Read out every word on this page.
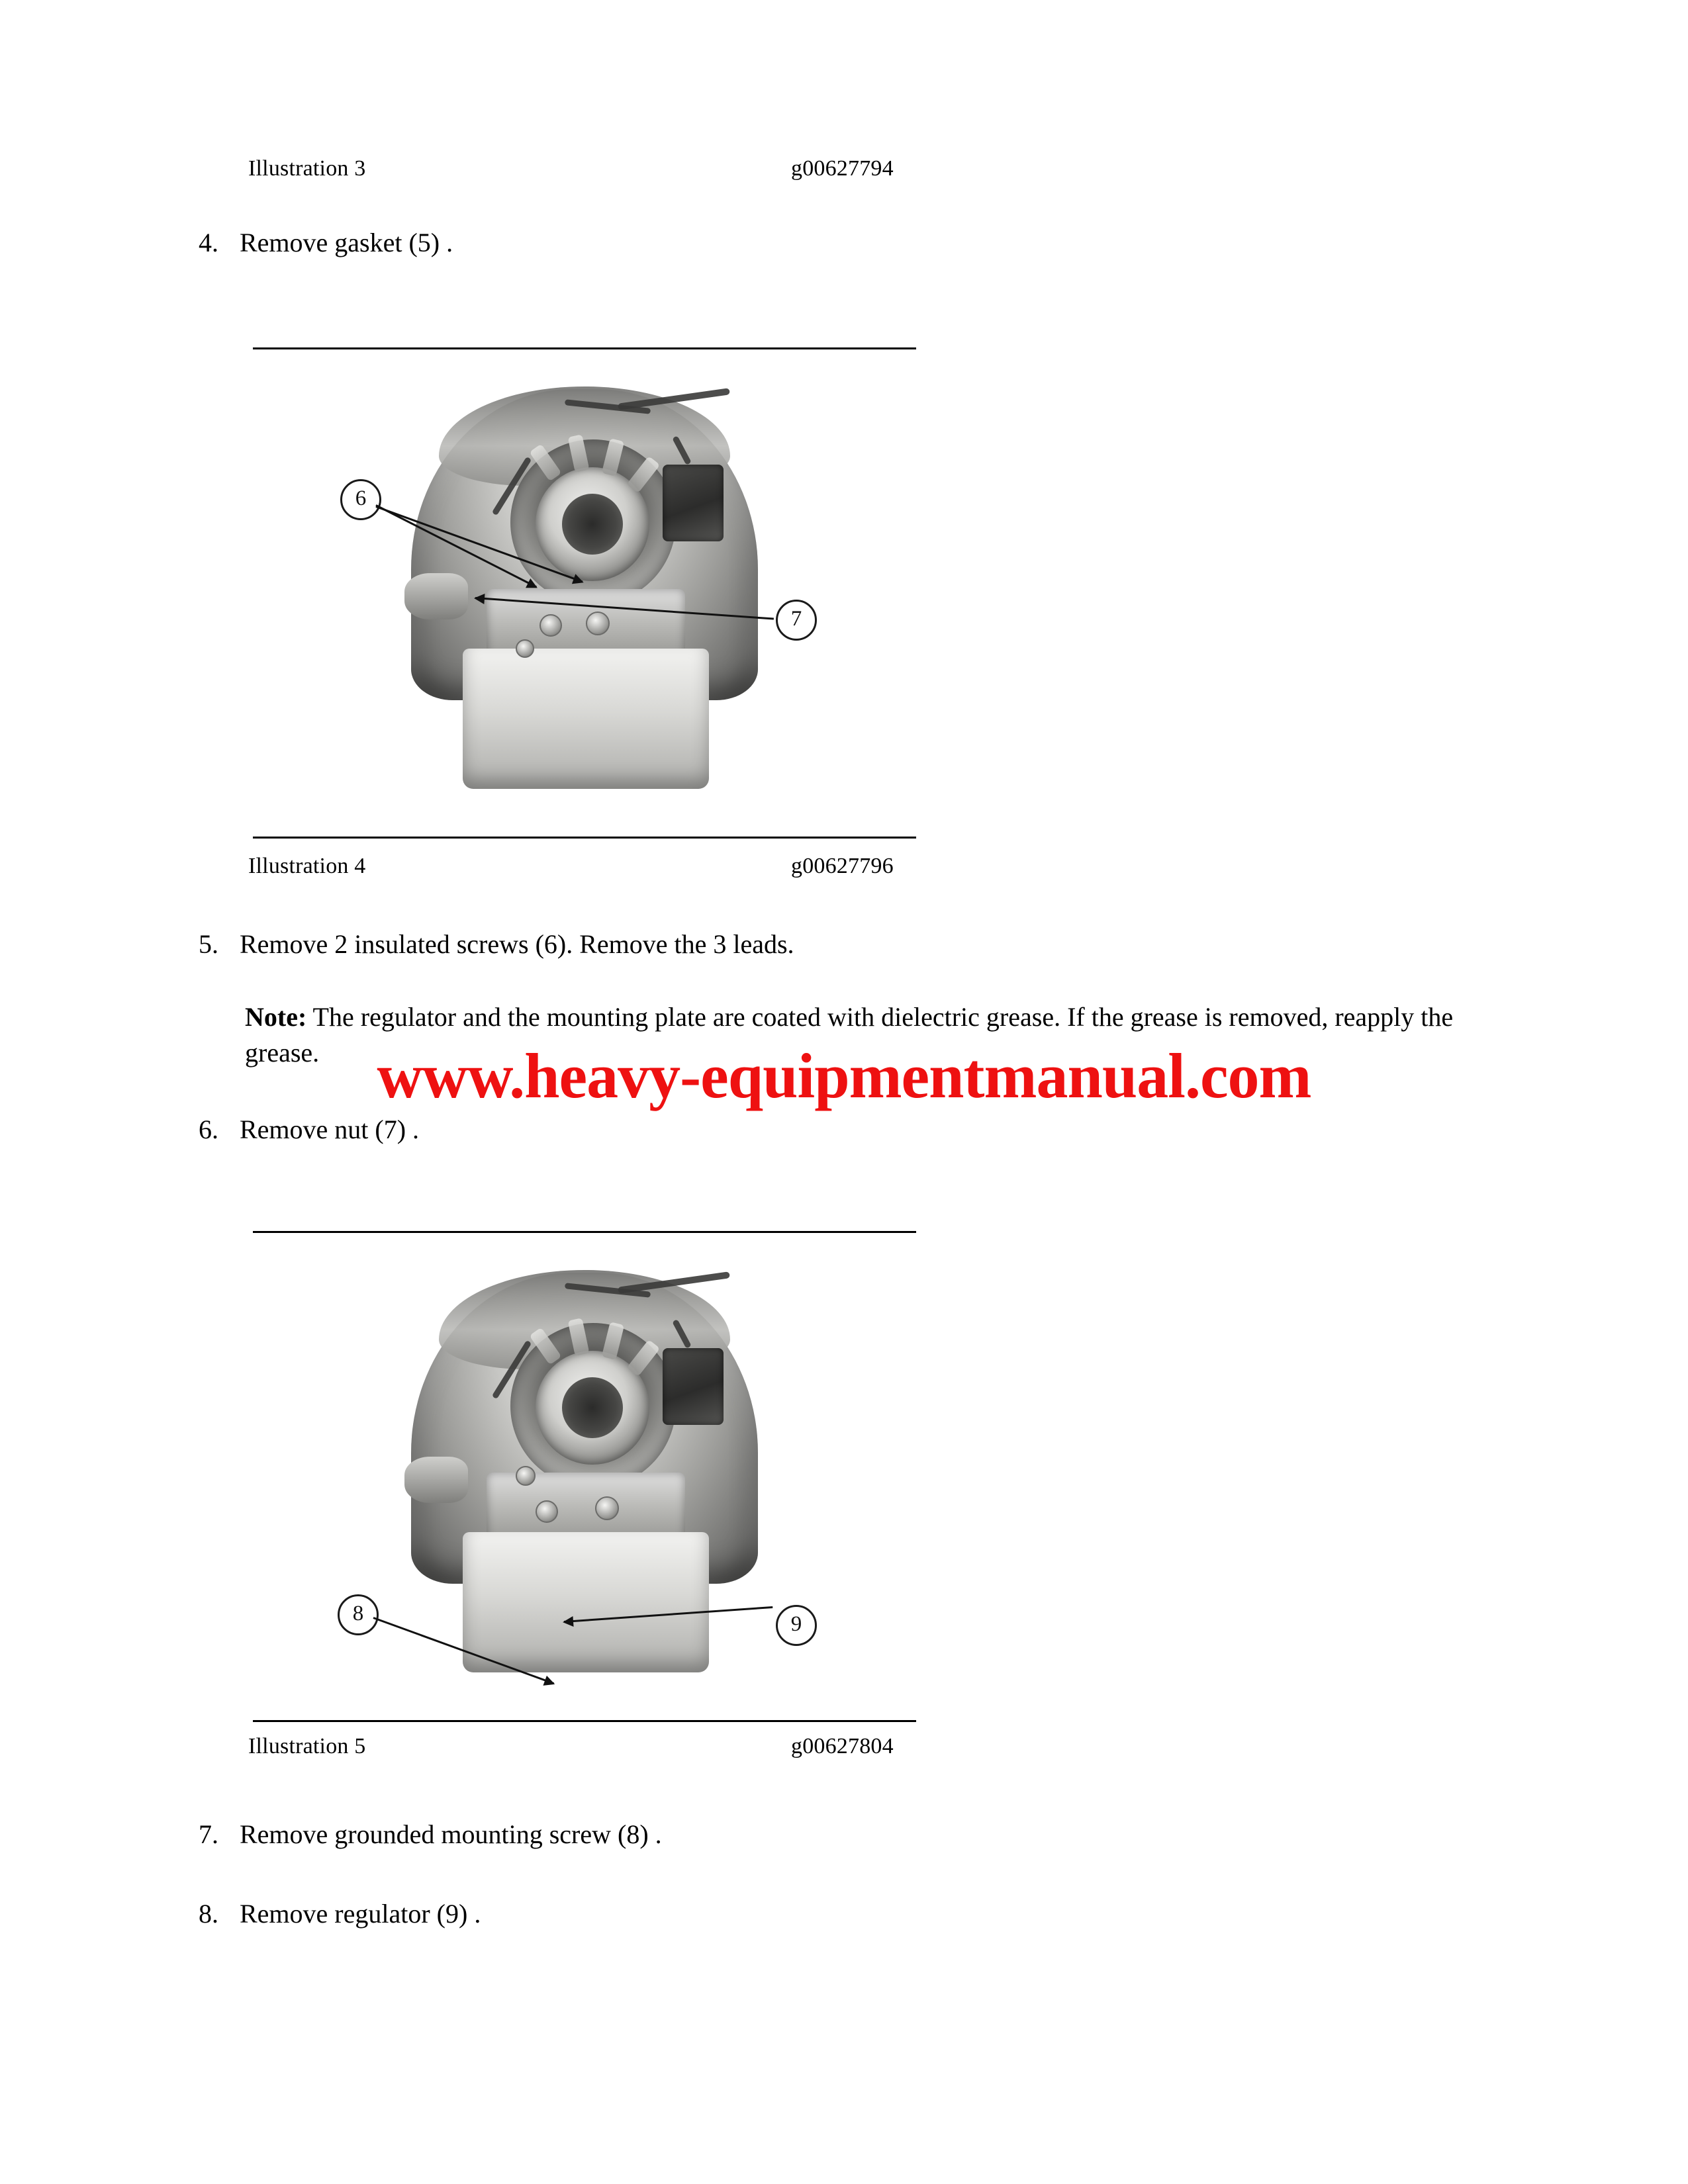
Illustration 3	g00627794
4. Remove gasket (5) .
6
7
Illustration 4	g00627796
5. Remove 2 insulated screws (6). Remove the 3 leads.
Note: The regulator and the mounting plate are coated with dielectric grease. If the grease is removed, reapply the grease.
6. Remove nut (7) .
8	9
Illustration 5	g00627804
7. Remove grounded mounting screw (8) .
8. Remove regulator (9) .
www.heavy-equipmentmanual.com
